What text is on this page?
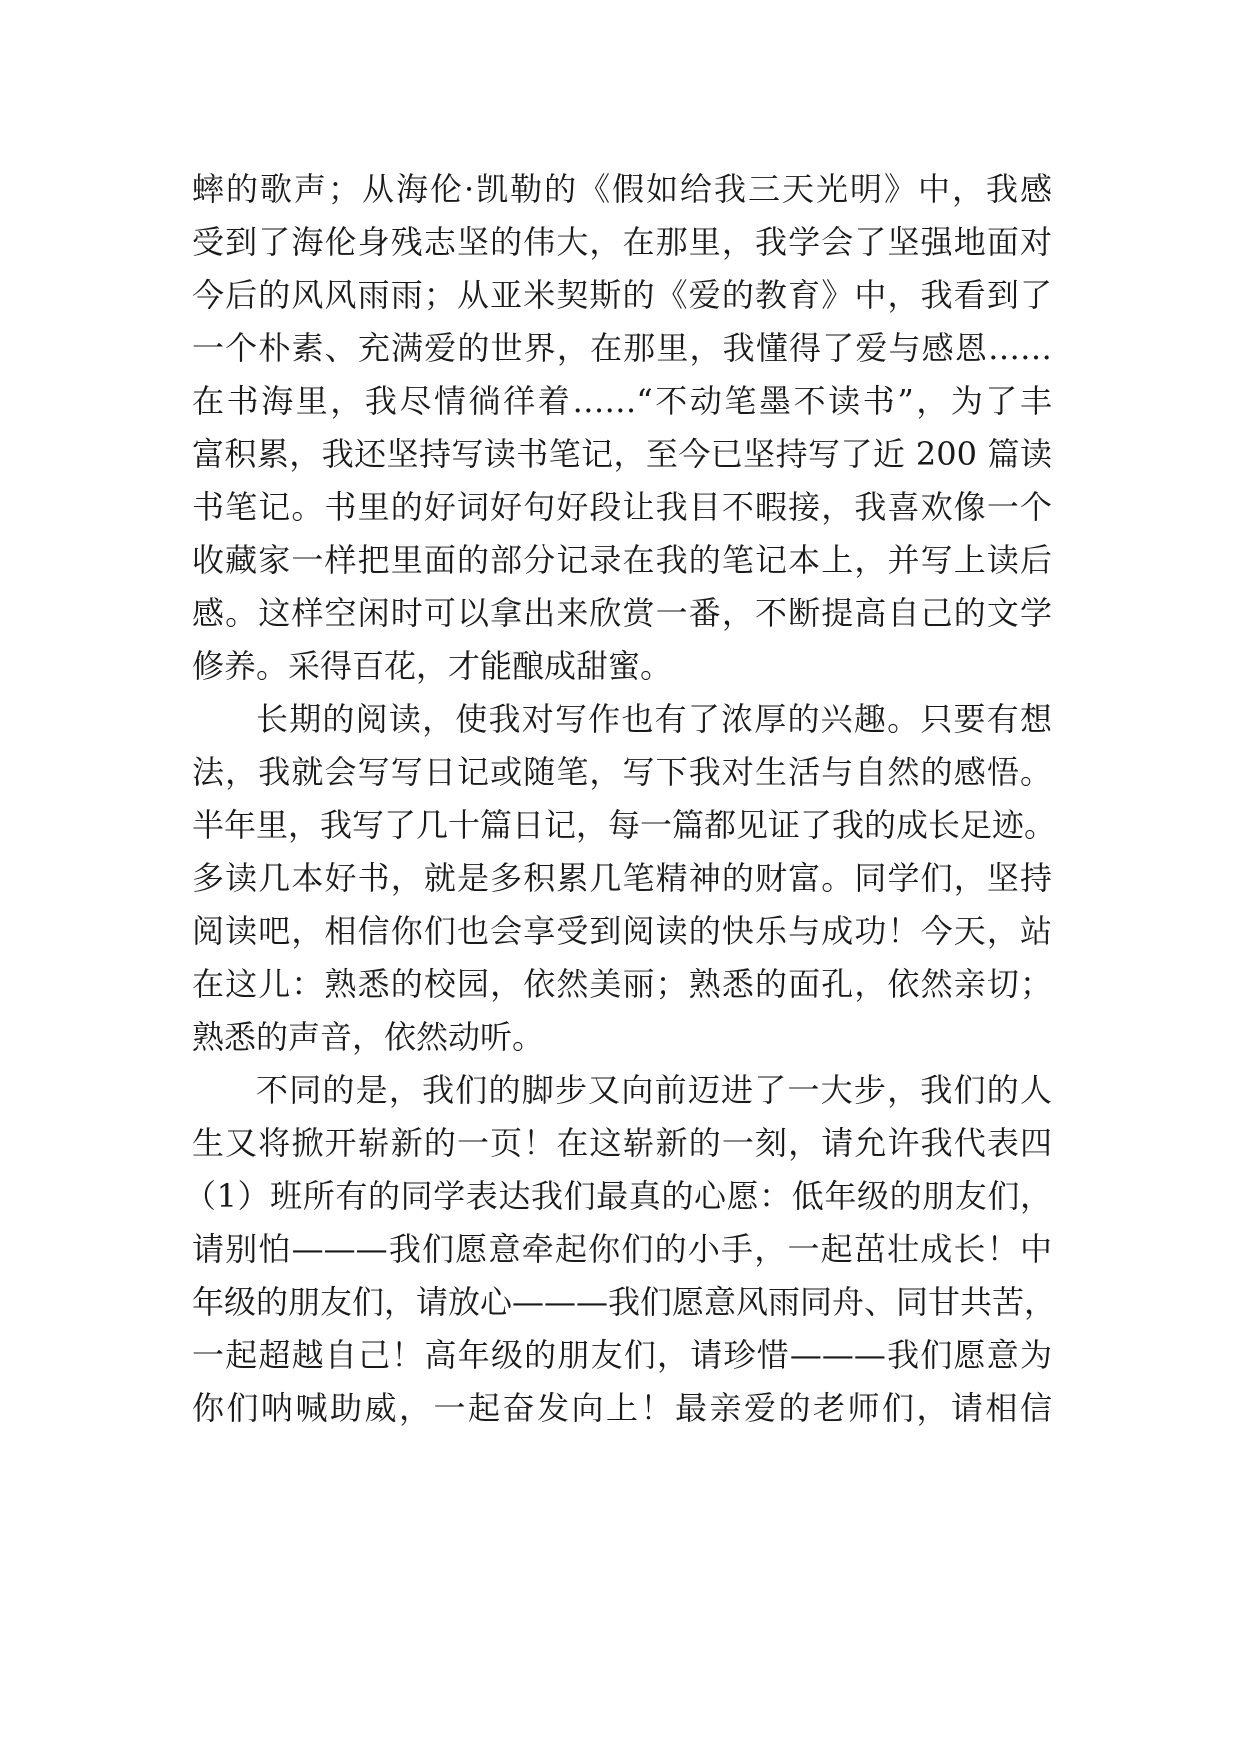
蟀的歌声；从海伦·凯勒的《假如给我三天光明》中，我感
受到了海伦身残志坚的伟大，在那里，我学会了坚强地面对
今后的风风雨雨；从亚米契斯的《爱的教育》中，我看到了
一个朴素、充满爱的世界，在那里，我懂得了爱与感恩……
在书海里，我尽情徜徉着……“不动笔墨不读书”，为了丰
富积累，我还坚持写读书笔记，至今已坚持写了近 200 篇读
书笔记。书里的好词好句好段让我目不暇接，我喜欢像一个
收藏家一样把里面的部分记录在我的笔记本上，并写上读后
感。这样空闲时可以拿出来欣赏一番，不断提高自己的文学
修养。采得百花，才能酿成甜蜜。
长期的阅读，使我对写作也有了浓厚的兴趣。只要有想
法，我就会写写日记或随笔，写下我对生活与自然的感悟。
半年里，我写了几十篇日记，每一篇都见证了我的成长足迹。
多读几本好书，就是多积累几笔精神的财富。同学们，坚持
阅读吧，相信你们也会享受到阅读的快乐与成功！今天，站
在这儿：熟悉的校园，依然美丽；熟悉的面孔，依然亲切；
熟悉的声音，依然动听。
不同的是，我们的脚步又向前迈进了一大步，我们的人
生又将掀开崭新的一页！在这崭新的一刻，请允许我代表四
（1）班所有的同学表达我们最真的心愿：低年级的朋友们，
请别怕———我们愿意牵起你们的小手，一起茁壮成长！中
年级的朋友们，请放心———我们愿意风雨同舟、同甘共苦，
一起超越自己！高年级的朋友们，请珍惜———我们愿意为
你们呐喊助威，一起奋发向上！最亲爱的老师们，请相信
